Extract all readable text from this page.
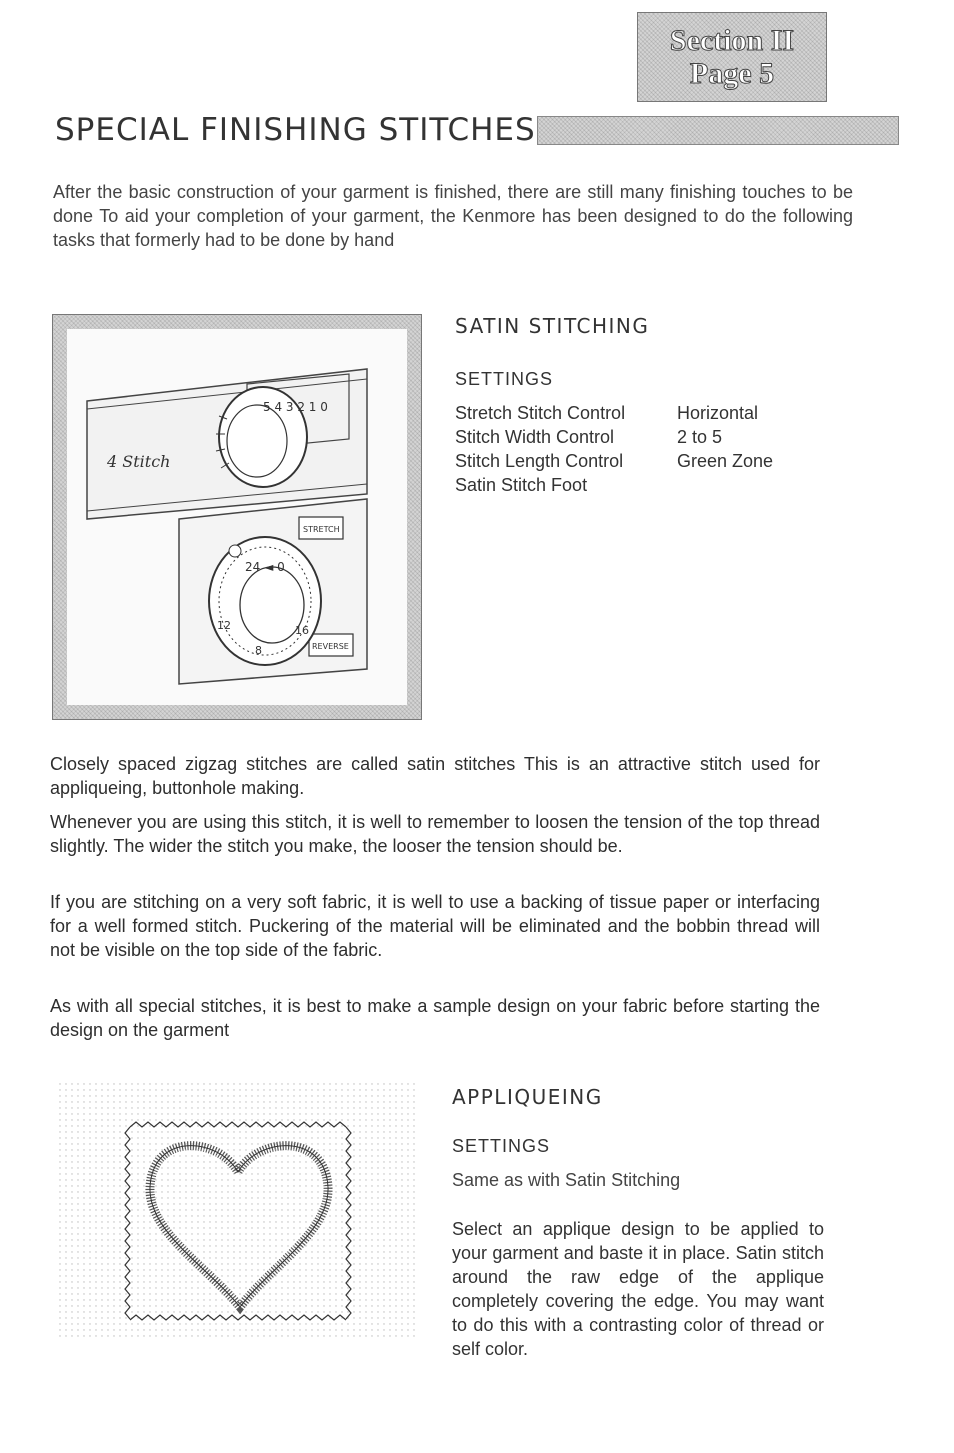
Section II
Page 5
SPECIAL FINISHING STITCHES
After the basic construction of your garment is finished, there are still many finishing touches to be done To aid your completion of your garment, the Kenmore has been designed to do the following tasks that formerly had to be done by hand
4 Stitch
5 4 3 2 1 0
STRETCH
REVERSE
24 ◄ 0
12
8
16
SATIN STITCHING
SETTINGS
Stretch Stitch Control	Horizontal
Stitch Width Control	2 to 5
Stitch Length Control	Green Zone
Satin Stitch Foot
Closely spaced zigzag stitches are called satin stitches This is an attractive stitch used for appliqueing, buttonhole making.
Whenever you are using this stitch, it is well to remember to loosen the tension of the top thread slightly. The wider the stitch you make, the looser the tension should be.
If you are stitching on a very soft fabric, it is well to use a backing of tissue paper or interfacing for a well formed stitch. Puckering of the material will be eliminated and the bobbin thread will not be visible on the top side of the fabric.
As with all special stitches, it is best to make a sample design on your fabric before starting the design on the garment
APPLIQUEING
SETTINGS
Same as with Satin Stitching
Select an applique design to be applied to your garment and baste it in place. Satin stitch around the raw edge of the applique completely covering the edge. You may want to do this with a contrasting color of thread or self color.
